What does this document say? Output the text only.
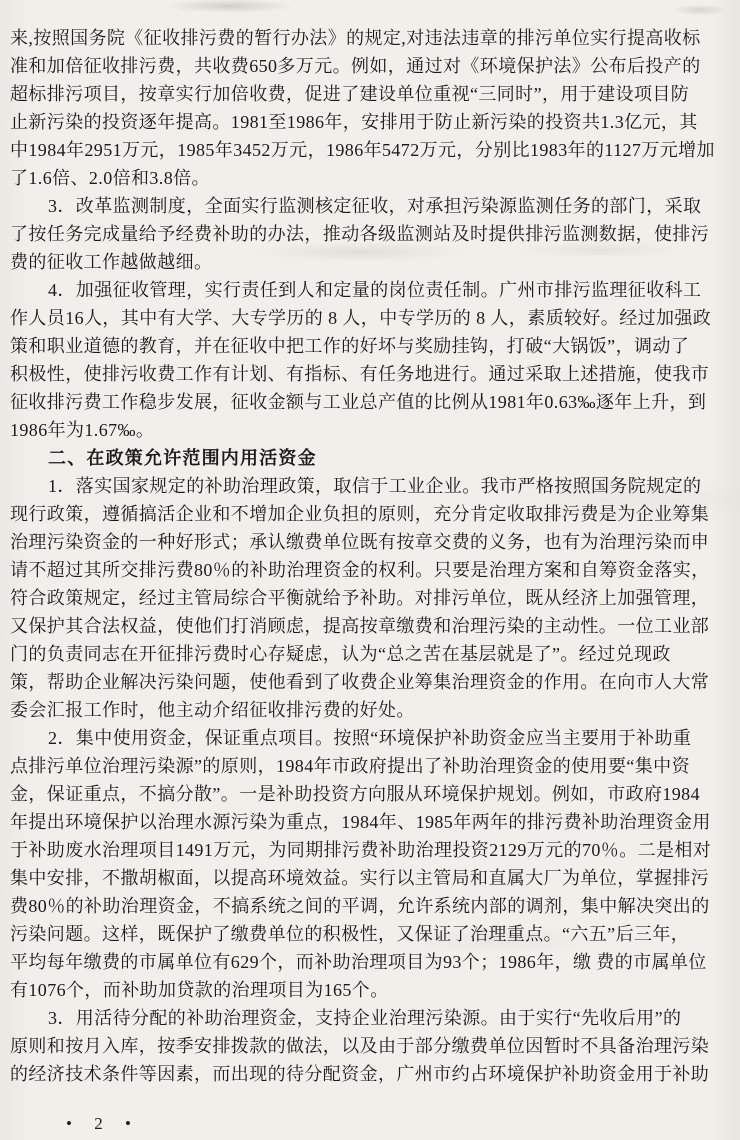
来,按照国务院《征收排污费的暂行办法》的规定,对违法违章的排污单位实行提高收标
准和加倍征收排污费，共收费650多万元。例如，通过对《环境保护法》公布后投产的
超标排污项目，按章实行加倍收费，促进了建设单位重视“三同时”，用于建设项目防
止新污染的投资逐年提高。1981至1986年，安排用于防止新污染的投资共1.3亿元，其
中1984年2951万元，1985年3452万元，1986年5472万元，分别比1983年的1127万元增加
了1.6倍、2.0倍和3.8倍。
3．改革监测制度，全面实行监测核定征收，对承担污染源监测任务的部门，采取
了按任务完成量给予经费补助的办法，推动各级监测站及时提供排污监测数据，使排污
费的征收工作越做越细。
4．加强征收管理，实行责任到人和定量的岗位责任制。广州市排污监理征收科工
作人员16人，其中有大学、大专学历的 8 人，中专学历的 8 人，素质较好。经过加强政
策和职业道德的教育，并在征收中把工作的好坏与奖励挂钩，打破“大锅饭”，调动了
积极性，使排污收费工作有计划、有指标、有任务地进行。通过采取上述措施，使我市
征收排污费工作稳步发展，征收金额与工业总产值的比例从1981年0.63‰逐年上升，到
1986年为1.67‰。
二、在政策允许范围内用活资金
1．落实国家规定的补助治理政策，取信于工业企业。我市严格按照国务院规定的
现行政策，遵循搞活企业和不增加企业负担的原则，充分肯定收取排污费是为企业筹集
治理污染资金的一种好形式；承认缴费单位既有按章交费的义务，也有为治理污染而申
请不超过其所交排污费80％的补助治理资金的权利。只要是治理方案和自筹资金落实，
符合政策规定，经过主管局综合平衡就给予补助。对排污单位，既从经济上加强管理，
又保护其合法权益，使他们打消顾虑，提高按章缴费和治理污染的主动性。一位工业部
门的负责同志在开征排污费时心存疑虑，认为“总之苦在基层就是了”。经过兑现政
策，帮助企业解决污染问题，使他看到了收费企业筹集治理资金的作用。在向市人大常
委会汇报工作时，他主动介绍征收排污费的好处。
2．集中使用资金，保证重点项目。按照“环境保护补助资金应当主要用于补助重
点排污单位治理污染源”的原则，1984年市政府提出了补助治理资金的使用要“集中资
金，保证重点，不搞分散”。一是补助投资方向服从环境保护规划。例如，市政府1984
年提出环境保护以治理水源污染为重点，1984年、1985年两年的排污费补助治理资金用
于补助废水治理项目1491万元，为同期排污费补助治理投资2129万元的70％。二是相对
集中安排，不撒胡椒面，以提高环境效益。实行以主管局和直属大厂为单位，掌握排污
费80％的补助治理资金，不搞系统之间的平调，允许系统内部的调剂，集中解决突出的
污染问题。这样，既保护了缴费单位的积极性，又保证了治理重点。“六五”后三年，
平均每年缴费的市属单位有629个，而补助治理项目为93个；1986年，缴 费的市属单位
有1076个，而补助加贷款的治理项目为165个。
3．用活待分配的补助治理资金，支持企业治理污染源。由于实行“先收后用”的
原则和按月入库，按季安排拨款的做法，以及由于部分缴费单位因暂时不具备治理污染
的经济技术条件等因素，而出现的待分配资金，广州市约占环境保护补助资金用于补助
• 2 •
